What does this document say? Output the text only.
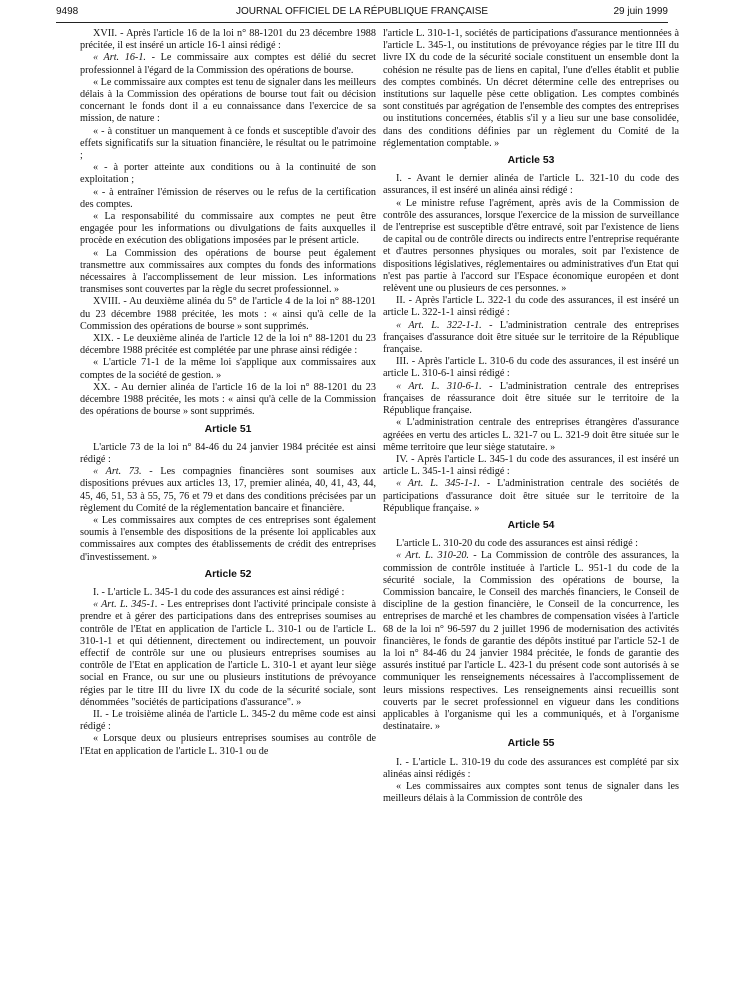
9498	JOURNAL OFFICIEL DE LA RÉPUBLIQUE FRANÇAISE	29 juin 1999

XVII. - Après l'article 16 de la loi n° 88-1201 du 23 décembre 1988 précitée, il est inséré un article 16-1 ainsi rédigé :

« Art. 16-1. - Le commissaire aux comptes est délié du secret professionnel à l'égard de la Commission des opérations de bourse.

« Le commissaire aux comptes est tenu de signaler dans les meilleurs délais à la Commission des opérations de bourse tout fait ou décision concernant le fonds dont il a eu connaissance dans l'exercice de sa mission, de nature :

« - à constituer un manquement à ce fonds et susceptible d'avoir des effets significatifs sur la situation financière, le résultat ou le patrimoine ;

« - à porter atteinte aux conditions ou à la continuité de son exploitation ;

« - à entraîner l'émission de réserves ou le refus de la certification des comptes.

« La responsabilité du commissaire aux comptes ne peut être engagée pour les informations ou divulgations de faits auxquelles il procède en exécution des obligations imposées par le présent article.

« La Commission des opérations de bourse peut également transmettre aux commissaires aux comptes du fonds des informations nécessaires à l'accomplissement de leur mission. Les informations transmises sont couvertes par la règle du secret professionnel. »

XVIII. - Au deuxième alinéa du 5° de l'article 4 de la loi n° 88-1201 du 23 décembre 1988 précitée, les mots : « ainsi qu'à celle de la Commission des opérations de bourse » sont supprimés.

XIX. - Le deuxième alinéa de l'article 12 de la loi n° 88-1201 du 23 décembre 1988 précitée est complétée par une phrase ainsi rédigée :

« L'article 71-1 de la même loi s'applique aux commissaires aux comptes de la société de gestion. »

XX. - Au dernier alinéa de l'article 16 de la loi n° 88-1201 du 23 décembre 1988 précitée, les mots : « ainsi qu'à celle de la Commission des opérations de bourse » sont supprimés.

Article 51

L'article 73 de la loi n° 84-46 du 24 janvier 1984 précitée est ainsi rédigé :

« Art. 73. - Les compagnies financières sont soumises aux dispositions prévues aux articles 13, 17, premier alinéa, 40, 41, 43, 44, 45, 46, 51, 53 à 55, 75, 76 et 79 et dans des conditions précisées par un règlement du Comité de la réglementation bancaire et financière.

« Les commissaires aux comptes de ces entreprises sont également soumis à l'ensemble des dispositions de la présente loi applicables aux commissaires aux comptes des établissements de crédit des entreprises d'investissement. »

Article 52

I. - L'article L. 345-1 du code des assurances est ainsi rédigé :

« Art. L. 345-1. - Les entreprises dont l'activité principale consiste à prendre et à gérer des participations dans des entreprises soumises au contrôle de l'Etat en application de l'article L. 310-1 ou de l'article L. 310-1-1 et qui détiennent, directement ou indirectement, un pouvoir effectif de contrôle sur une ou plusieurs entreprises soumises au contrôle de l'Etat en application de l'article L. 310-1 et ayant leur siège social en France, ou sur une ou plusieurs institutions de prévoyance régies par le titre III du livre IX du code de la sécurité sociale, sont dénommées "sociétés de participations d'assurance". »

II. - Le troisième alinéa de l'article L. 345-2 du même code est ainsi rédigé :

« Lorsque deux ou plusieurs entreprises soumises au contrôle de l'Etat en application de l'article L. 310-1 ou de

l'article L. 310-1-1, sociétés de participations d'assurance mentionnées à l'article L. 345-1, ou institutions de prévoyance régies par le titre III du livre IX du code de la sécurité sociale constituent un ensemble dont la cohésion ne résulte pas de liens en capital, l'une d'elles établit et publie des comptes combinés. Un décret détermine celle des entreprises ou institutions sur laquelle pèse cette obligation. Les comptes combinés sont constitués par agrégation de l'ensemble des comptes des entreprises ou institutions concernées, établis s'il y a lieu sur une base consolidée, dans des conditions définies par un règlement du Comité de la réglementation comptable. »

Article 53

I. - Avant le dernier alinéa de l'article L. 321-10 du code des assurances, il est inséré un alinéa ainsi rédigé :

« Le ministre refuse l'agrément, après avis de la Commission de contrôle des assurances, lorsque l'exercice de la mission de surveillance de l'entreprise est susceptible d'être entravé, soit par l'existence de liens de capital ou de contrôle directs ou indirects entre l'entreprise requérante et d'autres personnes physiques ou morales, soit par l'existence de dispositions législatives, réglementaires ou administratives d'un Etat qui n'est pas partie à l'accord sur l'Espace économique européen et dont relèvent une ou plusieurs de ces personnes. »

II. - Après l'article L. 322-1 du code des assurances, il est inséré un article L. 322-1-1 ainsi rédigé :

« Art. L. 322-1-1. - L'administration centrale des entreprises françaises d'assurance doit être située sur le territoire de la République française.

III. - Après l'article L. 310-6 du code des assurances, il est inséré un article L. 310-6-1 ainsi rédigé :

« Art. L. 310-6-1. - L'administration centrale des entreprises françaises de réassurance doit être située sur le territoire de la République française.

« L'administration centrale des entreprises étrangères d'assurance agréées en vertu des articles L. 321-7 ou L. 321-9 doit être située sur le même territoire que leur siège statutaire. »

IV. - Après l'article L. 345-1 du code des assurances, il est inséré un article L. 345-1-1 ainsi rédigé :

« Art. L. 345-1-1. - L'administration centrale des sociétés de participations d'assurance doit être située sur le territoire de la République française. »

Article 54

L'article L. 310-20 du code des assurances est ainsi rédigé :

« Art. L. 310-20. - La Commission de contrôle des assurances, la commission de contrôle instituée à l'article L. 951-1 du code de la sécurité sociale, la Commission des opérations de bourse, la Commission bancaire, le Conseil des marchés financiers, le Conseil de discipline de la gestion financière, le Conseil de la concurrence, les entreprises de marché et les chambres de compensation visées à l'article 68 de la loi n° 96-597 du 2 juillet 1996 de modernisation des activités financières, le fonds de garantie des dépôts institué par l'article 52-1 de la loi n° 84-46 du 24 janvier 1984 précitée, le fonds de garantie des assurés institué par l'article L. 423-1 du présent code sont autorisés à se communiquer les renseignements nécessaires à l'accomplissement de leurs missions respectives. Les renseignements ainsi recueillis sont couverts par le secret professionnel en vigueur dans les conditions applicables à l'organisme qui les a communiqués, et à l'organisme destinataire. »

Article 55

I. - L'article L. 310-19 du code des assurances est complété par six alinéas ainsi rédigés :

« Les commissaires aux comptes sont tenus de signaler dans les meilleurs délais à la Commission de contrôle des
